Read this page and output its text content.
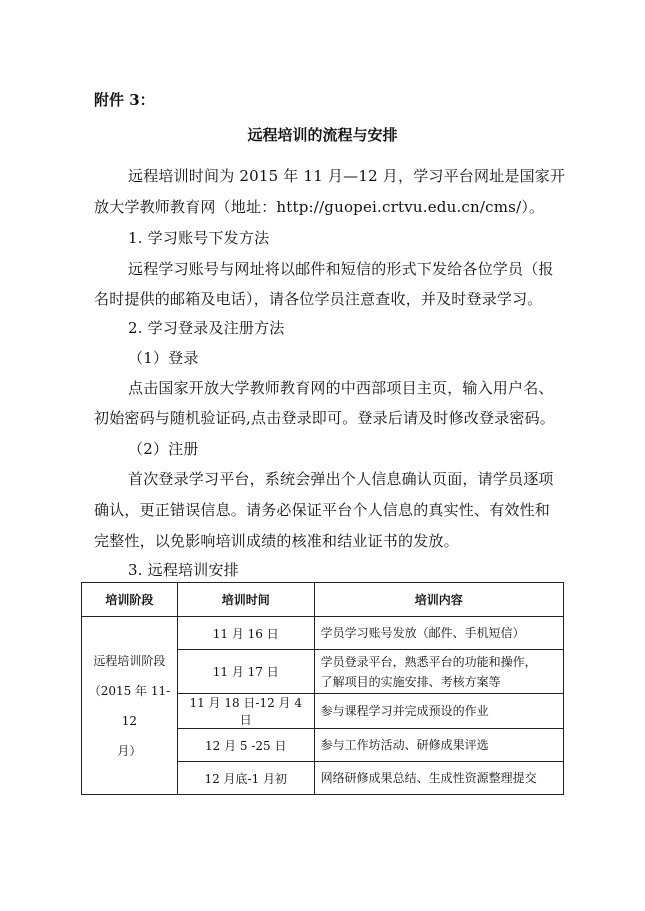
附件 3：
远程培训的流程与安排
远程培训时间为 2015 年 11 月—12 月，学习平台网址是国家开
放大学教师教育网（地址：http://guopei.crtvu.edu.cn/cms/）。
1. 学习账号下发方法
远程学习账号与网址将以邮件和短信的形式下发给各位学员（报
名时提供的邮箱及电话），请各位学员注意查收，并及时登录学习。
2. 学习登录及注册方法
（1）登录
点击国家开放大学教师教育网的中西部项目主页，输入用户名、
初始密码与随机验证码,点击登录即可。登录后请及时修改登录密码。
（2）注册
首次登录学习平台，系统会弹出个人信息确认页面，请学员逐项
确认，更正错误信息。请务必保证平台个人信息的真实性、有效性和
完整性，以免影响培训成绩的核准和结业证书的发放。
3. 远程培训安排
培训阶段	培训时间	培训内容

远程培训阶段
（2015 年 11-12
月）	11 月 16 日	学员学习账号发放（邮件、手机短信）
	11 月 17 日	学员登录平台，熟悉平台的功能和操作，
了解项目的实施安排、考核方案等

	11 月 18 日-12 月 4 日	参与课程学习并完成预设的作业
	12 月 5 -25 日	参与工作坊活动、研修成果评选
	12 月底-1 月初	网络研修成果总结、生成性资源整理提交
